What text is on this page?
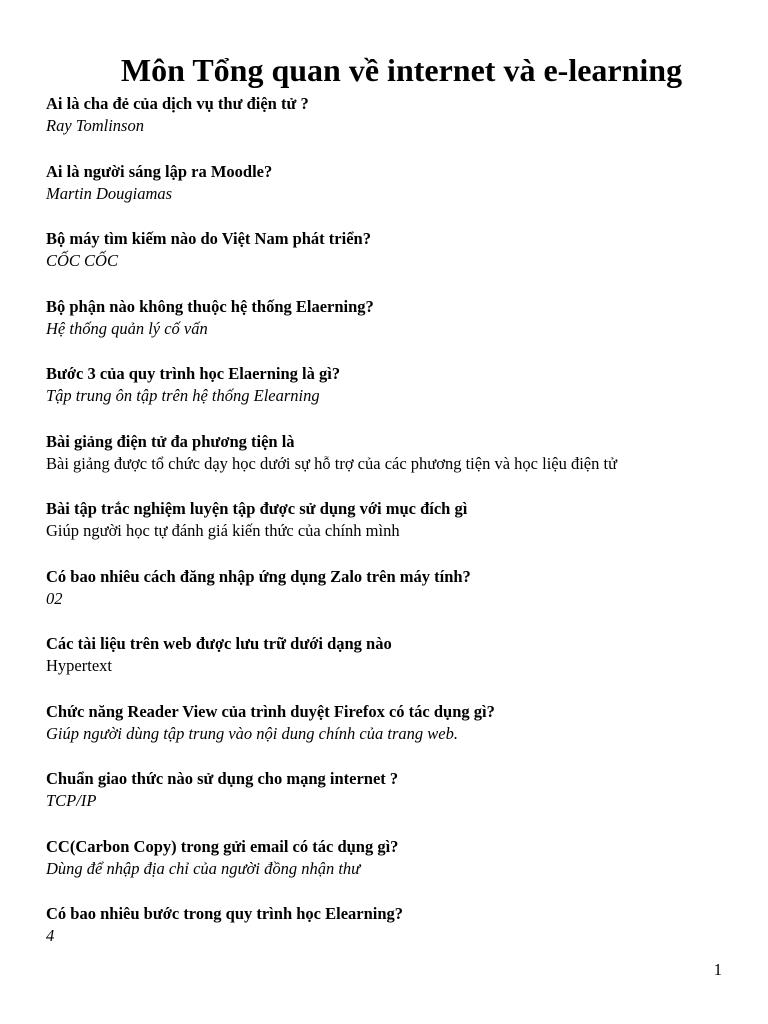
Môn Tổng quan về internet và e-learning
Ai là cha đẻ của dịch vụ thư điện tử ?
Ray Tomlinson
Ai là người sáng lập ra Moodle?
Martin Dougiamas
Bộ máy tìm kiếm nào do Việt Nam phát triển?
CỐC CỐC
Bộ phận nào không thuộc hệ thống Elaerning?
Hệ thống quản lý cố vấn
Bước 3 của quy trình học Elaerning là gì?
Tập trung ôn tập trên hệ thống Elearning
Bài giảng điện tử đa phương tiện là
Bài giảng được tổ chức dạy học dưới sự hỗ trợ của các phương tiện và học liệu điện tử
Bài tập trắc nghiệm luyện tập được sử dụng với mục đích gì
Giúp người học tự đánh giá kiến thức của chính mình
Có bao nhiêu cách đăng nhập ứng dụng Zalo trên máy tính?
02
Các tài liệu trên web được lưu trữ dưới dạng nào
Hypertext
Chức năng Reader View của trình duyệt Firefox có tác dụng gì?
Giúp người dùng tập trung vào nội dung chính của trang web.
Chuẩn giao thức nào sử dụng cho mạng internet ?
TCP/IP
CC(Carbon Copy) trong gửi email có tác dụng gì?
Dùng để nhập địa chỉ của người đồng nhận thư
Có bao nhiêu bước trong quy trình học Elearning?
4
1
